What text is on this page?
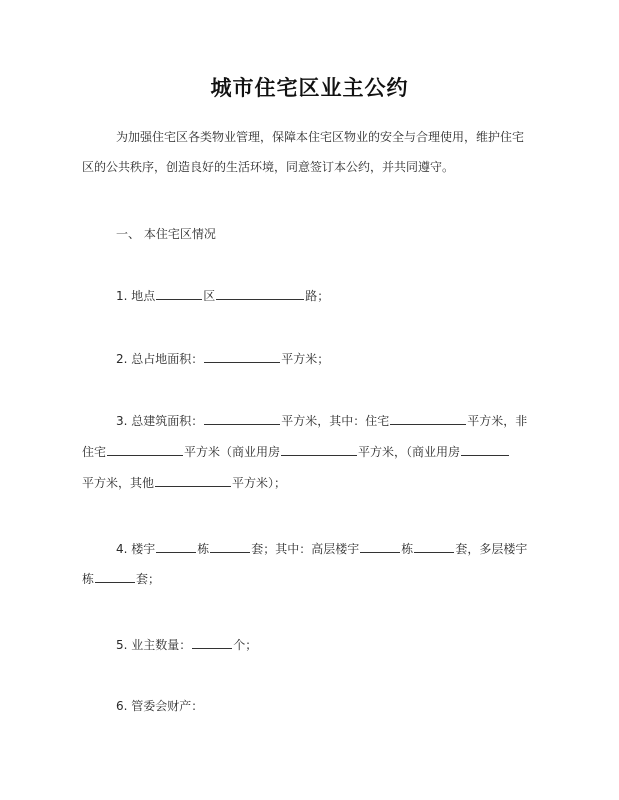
城市住宅区业主公约
为加强住宅区各类物业管理，保障本住宅区物业的安全与合理使用，维护住宅
区的公共秩序，创造良好的生活环境，同意签订本公约，并共同遵守。
一、 本住宅区情况
1. 地点	区	路；
2. 总占地面积：	平方米；
3. 总建筑面积：	平方米，其中：住宅	平方米，非
住宅	平方米（商业用房	平方米，（商业用房
平方米，其他	平方米）；
4. 楼宇	栋	套；其中：高层楼宇	栋	套，多层楼宇
栋	套；
5. 业主数量：	个；
6. 管委会财产：
